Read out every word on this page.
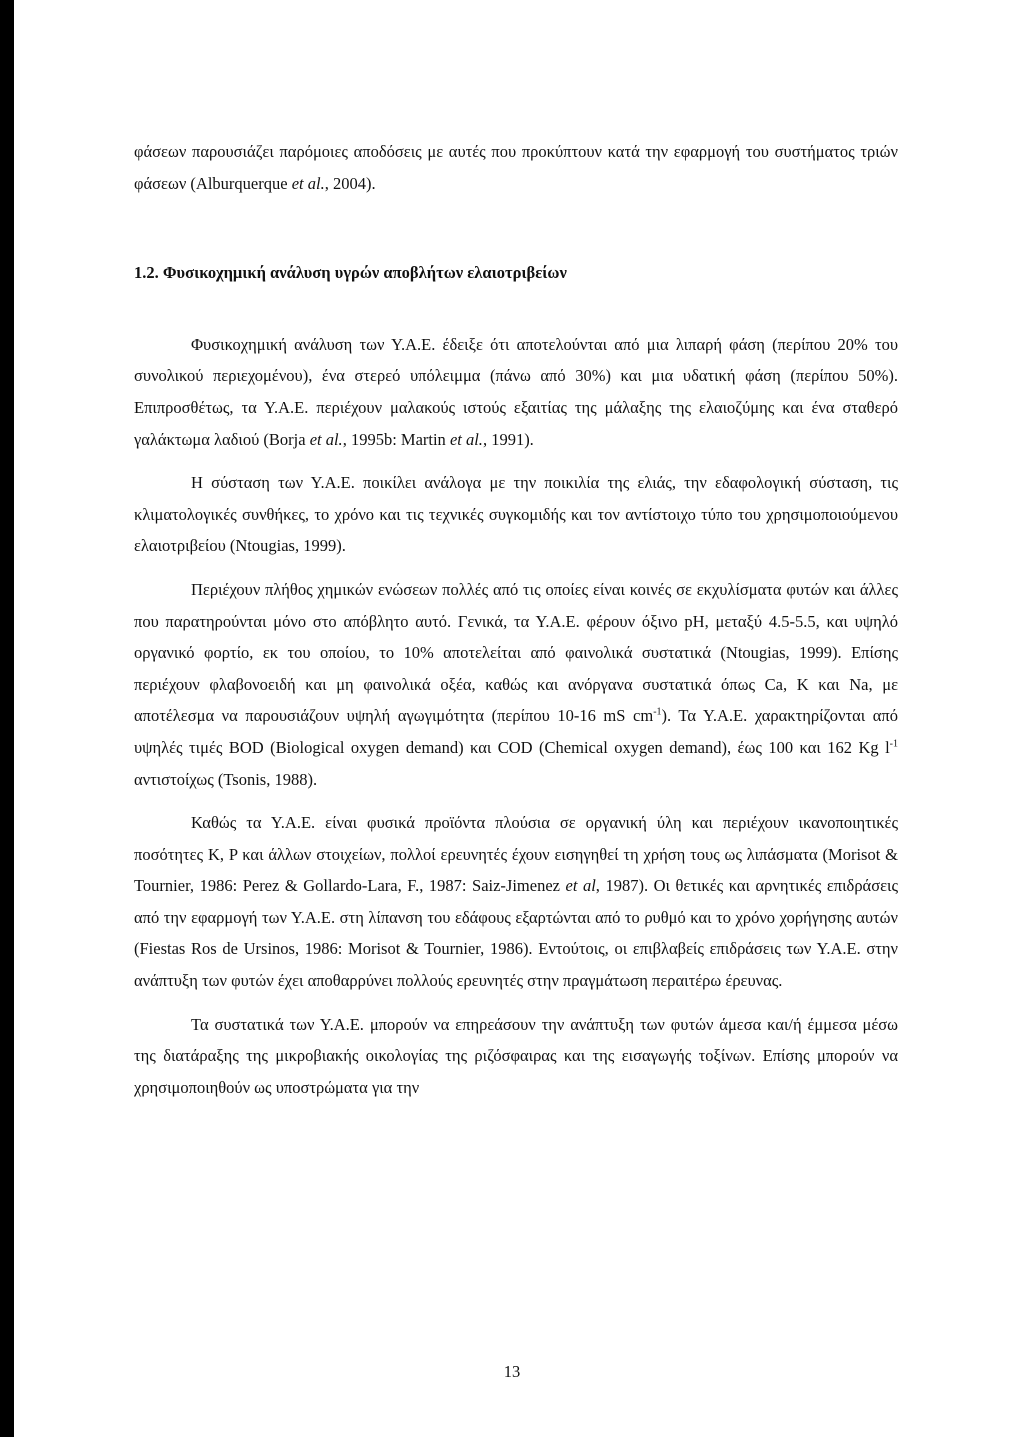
φάσεων παρουσιάζει παρόμοιες αποδόσεις με αυτές που προκύπτουν κατά την εφαρμογή του συστήματος τριών φάσεων (Alburquerque et al., 2004).

1.2. Φυσικοχημική ανάλυση υγρών αποβλήτων ελαιοτριβείων

Φυσικοχημική ανάλυση των Υ.Α.Ε. έδειξε ότι αποτελούνται από μια λιπαρή φάση (περίπου 20% του συνολικού περιεχομένου), ένα στερεό υπόλειμμα (πάνω από 30%) και μια υδατική φάση (περίπου 50%). Επιπροσθέτως, τα Υ.Α.Ε. περιέχουν μαλακούς ιστούς εξαιτίας της μάλαξης της ελαιοζύμης και ένα σταθερό γαλάκτωμα λαδιού (Borja et al., 1995b: Martin et al., 1991).

Η σύσταση των Υ.Α.Ε. ποικίλει ανάλογα με την ποικιλία της ελιάς, την εδαφολογική σύσταση, τις κλιματολογικές συνθήκες, το χρόνο και τις τεχνικές συγκομιδής και τον αντίστοιχο τύπο του χρησιμοποιούμενου ελαιοτριβείου (Ntougias, 1999).

Περιέχουν πλήθος χημικών ενώσεων πολλές από τις οποίες είναι κοινές σε εκχυλίσματα φυτών και άλλες που παρατηρούνται μόνο στο απόβλητο αυτό. Γενικά, τα Υ.Α.Ε. φέρουν όξινο pH, μεταξύ 4.5-5.5, και υψηλό οργανικό φορτίο, εκ του οποίου, το 10% αποτελείται από φαινολικά συστατικά (Ntougias, 1999). Επίσης περιέχουν φλαβονοειδή και μη φαινολικά οξέα, καθώς και ανόργανα συστατικά όπως Ca, K και Na, με αποτέλεσμα να παρουσιάζουν υψηλή αγωγιμότητα (περίπου 10-16 mS $cm^{-1}$). Τα Υ.Α.Ε. χαρακτηρίζονται από υψηλές τιμές BOD (Biological oxygen demand) και COD (Chemical oxygen demand), έως 100 και 162 Kg $l^{-1}$ αντιστοίχως (Tsonis, 1988).

Καθώς τα Υ.Α.Ε. είναι φυσικά προϊόντα πλούσια σε οργανική ύλη και περιέχουν ικανοποιητικές ποσότητες K, P και άλλων στοιχείων, πολλοί ερευνητές έχουν εισηγηθεί τη χρήση τους ως λιπάσματα (Morisot & Tournier, 1986: Perez & Gollardo-Lara, F., 1987: Saiz-Jimenez et al, 1987). Οι θετικές και αρνητικές επιδράσεις από την εφαρμογή των Υ.Α.Ε. στη λίπανση του εδάφους εξαρτώνται από το ρυθμό και το χρόνο χορήγησης αυτών (Fiestas Ros de Ursinos, 1986: Morisot & Tournier, 1986). Εντούτοις, οι επιβλαβείς επιδράσεις των Υ.Α.Ε. στην ανάπτυξη των φυτών έχει αποθαρρύνει πολλούς ερευνητές στην πραγμάτωση περαιτέρω έρευνας.

Τα συστατικά των Υ.Α.Ε. μπορούν να επηρεάσουν την ανάπτυξη των φυτών άμεσα και/ή έμμεσα μέσω της διατάραξης της μικροβιακής οικολογίας της ριζόσφαιρας και της εισαγωγής τοξίνων. Επίσης μπορούν να χρησιμοποιηθούν ως υποστρώματα για την

13
